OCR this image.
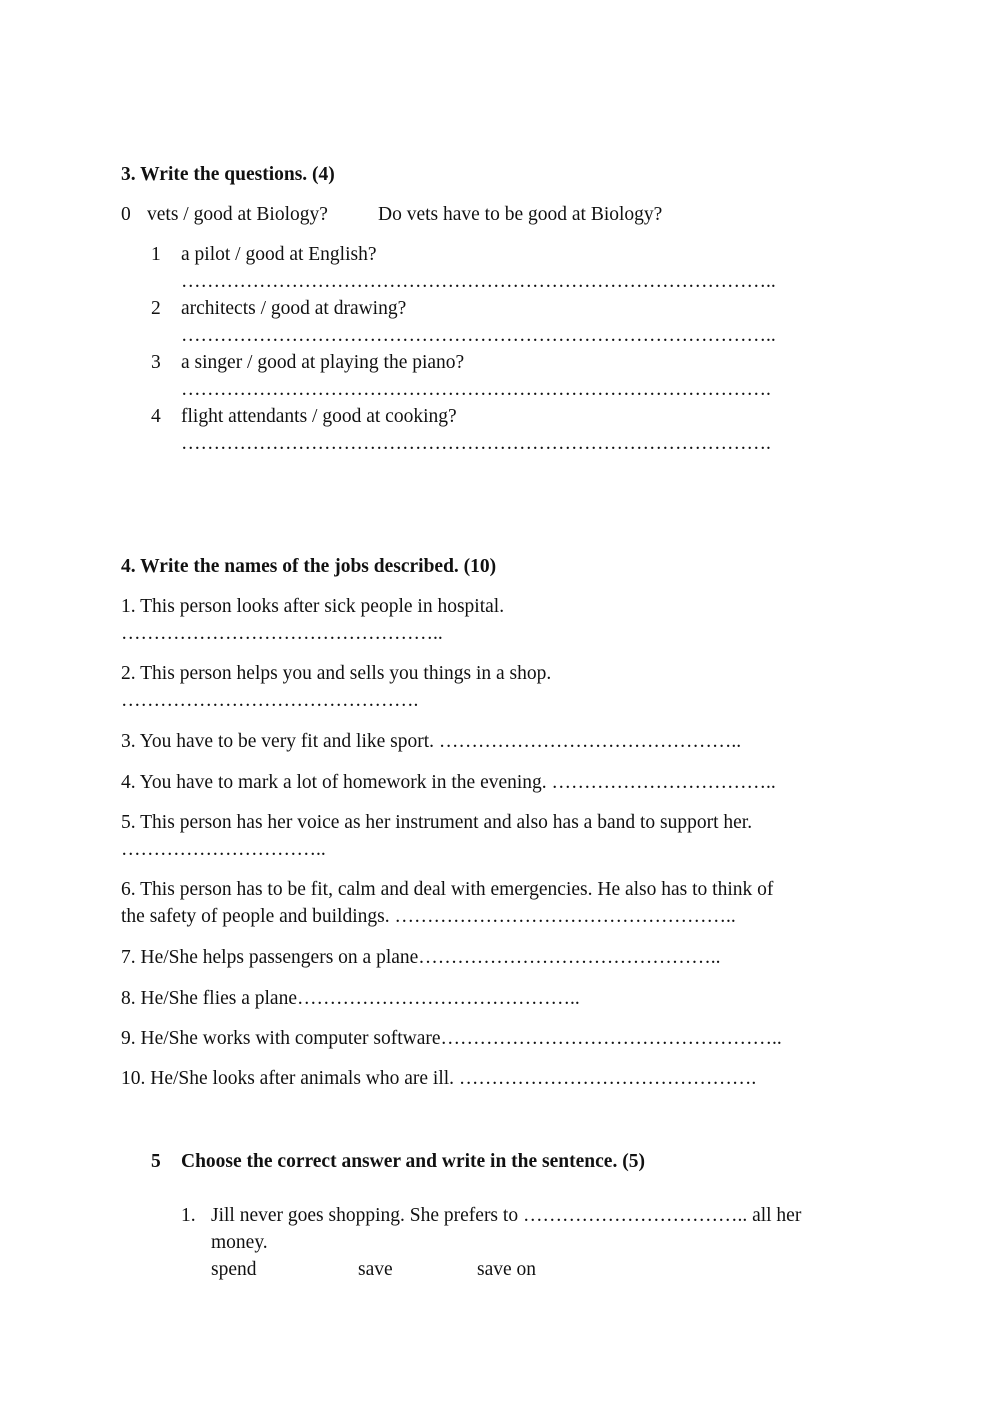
3. Write the questions. (4)
0 vets / good at Biology?	Do vets have to be good at Biology?
1 a pilot / good at English?
………………………………………………………………………………..
2 architects / good at drawing?
………………………………………………………………………………..
3 a singer / good at playing the piano?
……………………………………………………………………………….
4 flight attendants / good at cooking?
……………………………………………………………………………….
4. Write the names of the jobs described. (10)
1. This person looks after sick people in hospital.
…………………………………………..
2. This person helps you and sells you things in a shop.
……………………………………….
3. You have to be very fit and like sport. ………………………………………..
4. You have to mark a lot of homework in the evening. ……………………………..
5. This person has her voice as her instrument and also has a band to support her.
…………………………..
6. This person has to be fit, calm and deal with emergencies. He also has to think of
the safety of people and buildings. ……………………………………………..
7. He/She helps passengers on a plane………………………………………..
8. He/She flies a plane……………………………………..
9. He/She works with computer software……………………………………………..
10. He/She looks after animals who are ill. ……………………………………….
5 Choose the correct answer and write in the sentence. (5)
1. Jill never goes shopping. She prefers to …………………………….. all her
money.
spend	save	save on
